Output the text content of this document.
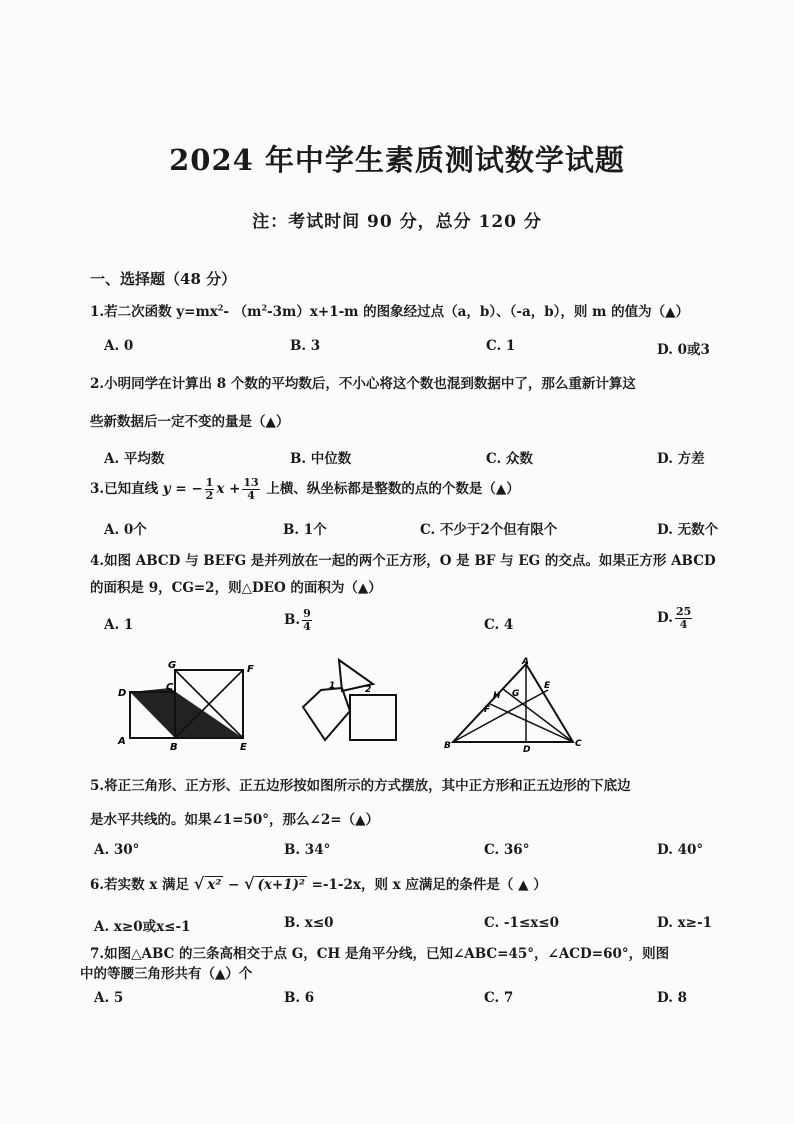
2024 年中学生素质测试数学试题
注：考试时间 90 分，总分 120 分
一、选择题（48 分）
1.若二次函数 $y=mx^2-$ $(m^2-3m)x+1-m$ 的图象经过点（a，b）、（-a，b），则 m 的值为（▲）
A. 0	B. 3	C. 1	D. 0或3
2.小明同学在计算出 8 个数的平均数后，不小心将这个数也混到数据中了，那么重新计算这
些新数据后一定不变的量是（▲）
A. 平均数	B. 中位数	C. 众数	D. 方差
3.已知直线 y = − $\frac{1}{2}$ $x + \frac{13}{4}$ 上横、纵坐标都是整数的点的个数是（▲）
A. 0个	B. 1个	C. 不少于2个但有限个	D. 无数个
4.如图 ABCD 与 BEFG 是并列放在一起的两个正方形，O 是 BF 与 EG 的交点。如果正方形 ABCD
的面积是 9，CG=2，则△DEO 的面积为（▲）
A. 1	B. $\frac{9}{4}$	C. 4	D. $\frac{25}{4}$
G	F
C
D
O
A
B	E
1	2
A
H G
E
F
B	D
C
5.将正三角形、正方形、正五边形按如图所示的方式摆放，其中正方形和正五边形的下底边
是水平共线的。如果∠1=50°，那么∠2=（▲）
A. 30°	B. 34°	C. 36°	D. 40°
6.若实数 x 满足 √ x² − √ (x+1)² =-1-2x，则 x 应满足的条件是（ ▲ ）
A. x≥0或x≤-1	B. x≤0	C. -1≤x≤0	D. x≥-1
7.如图△ABC 的三条高相交于点 G，CH 是角平分线，已知∠ABC=45°，∠ACD=60°，则图
中的等腰三角形共有（▲）个
A. 5	B. 6	C. 7	D. 8
